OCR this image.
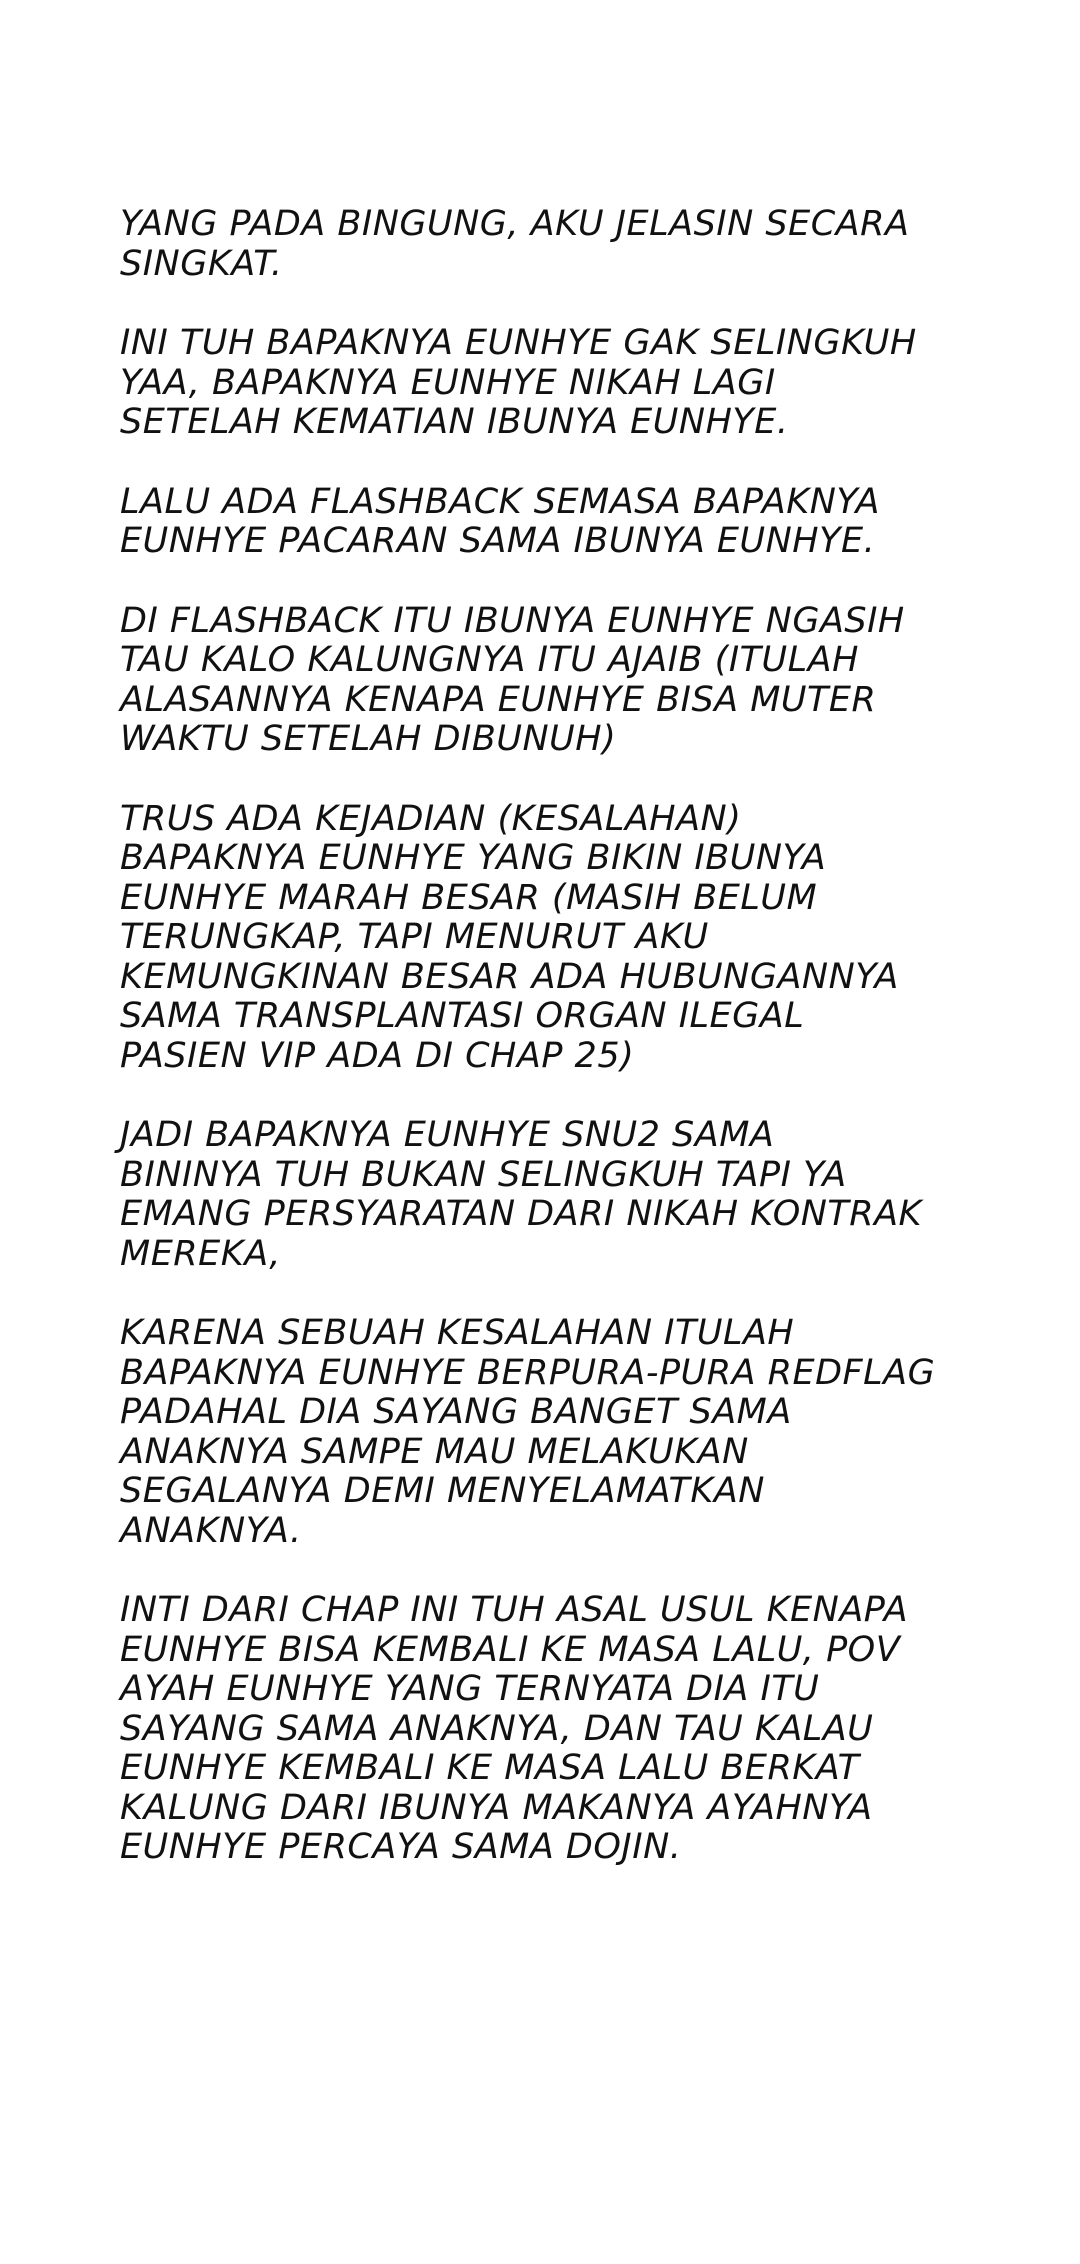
YANG PADA BINGUNG, AKU JELASIN SECARA
SINGKAT.

INI TUH BAPAKNYA EUNHYE GAK SELINGKUH
YAA, BAPAKNYA EUNHYE NIKAH LAGI
SETELAH KEMATIAN IBUNYA EUNHYE.

LALU ADA FLASHBACK SEMASA BAPAKNYA
EUNHYE PACARAN SAMA IBUNYA EUNHYE.

DI FLASHBACK ITU IBUNYA EUNHYE NGASIH
TAU KALO KALUNGNYA ITU AJAIB (ITULAH
ALASANNYA KENAPA EUNHYE BISA MUTER
WAKTU SETELAH DIBUNUH)

TRUS ADA KEJADIAN (KESALAHAN)
BAPAKNYA EUNHYE YANG BIKIN IBUNYA
EUNHYE MARAH BESAR (MASIH BELUM
TERUNGKAP, TAPI MENURUT AKU
KEMUNGKINAN BESAR ADA HUBUNGANNYA
SAMA TRANSPLANTASI ORGAN ILEGAL
PASIEN VIP ADA DI CHAP 25)

JADI BAPAKNYA EUNHYE SNU2 SAMA
BININYA TUH BUKAN SELINGKUH TAPI YA
EMANG PERSYARATAN DARI NIKAH KONTRAK
MEREKA,

KARENA SEBUAH KESALAHAN ITULAH
BAPAKNYA EUNHYE BERPURA-PURA REDFLAG
PADAHAL DIA SAYANG BANGET SAMA
ANAKNYA SAMPE MAU MELAKUKAN
SEGALANYA DEMI MENYELAMATKAN
ANAKNYA.

INTI DARI CHAP INI TUH ASAL USUL KENAPA
EUNHYE BISA KEMBALI KE MASA LALU, POV
AYAH EUNHYE YANG TERNYATA DIA ITU
SAYANG SAMA ANAKNYA, DAN TAU KALAU
EUNHYE KEMBALI KE MASA LALU BERKAT
KALUNG DARI IBUNYA MAKANYA AYAHNYA
EUNHYE PERCAYA SAMA DOJIN.
